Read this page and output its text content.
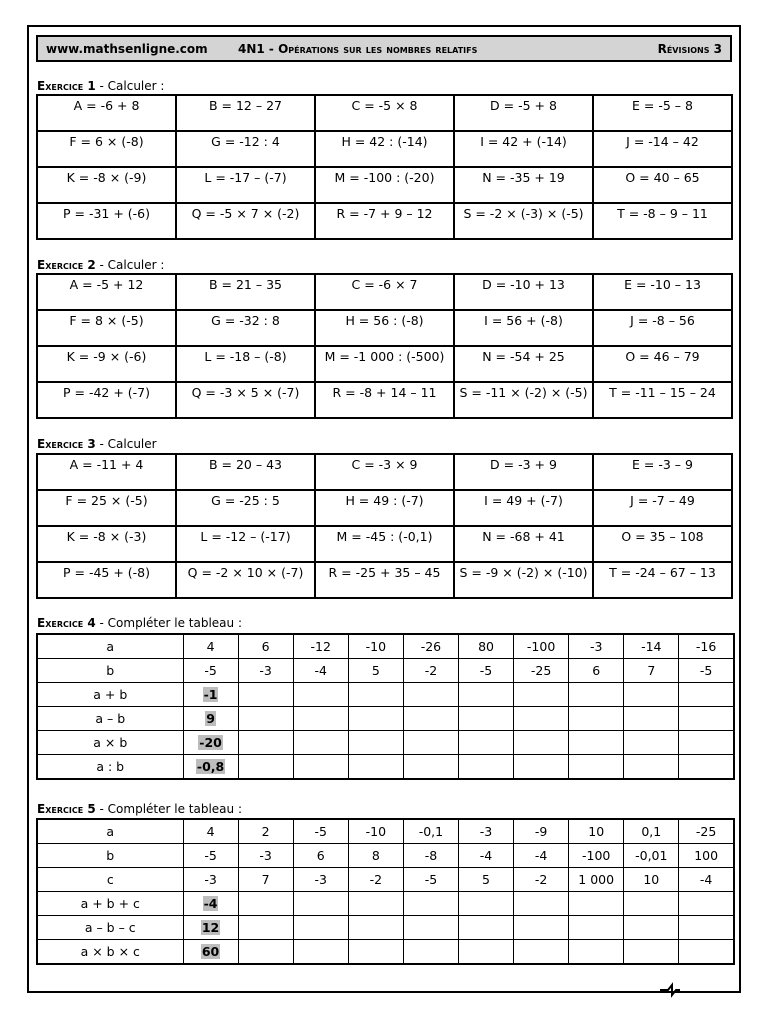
www.mathsenligne.com	4N1 - Opérations sur les nombres relatifs	Révisions 3
Exercice 1 - Calculer :
A = -6 + 8	B = 12 – 27	C = -5 × 8	D = -5 + 8	E = -5 – 8
F = 6 × (-8)	G = -12 : 4	H = 42 : (-14)	I = 42 + (-14)	J = -14 – 42
K = -8 × (-9)	L = -17 – (-7)	M = -100 : (-20)	N = -35 + 19	O = 40 – 65
P = -31 + (-6)	Q = -5 × 7 × (-2)	R = -7 + 9 – 12	S = -2 × (-3) × (-5)	T = -8 – 9 – 11
Exercice 2 - Calculer :
A = -5 + 12	B = 21 – 35	C = -6 × 7	D = -10 + 13	E = -10 – 13
F = 8 × (-5)	G = -32 : 8	H = 56 : (-8)	I = 56 + (-8)	J = -8 – 56
K = -9 × (-6)	L = -18 – (-8)	M = -1 000 : (-500)	N = -54 + 25	O = 46 – 79
P = -42 + (-7)	Q = -3 × 5 × (-7)	R = -8 + 14 – 11	S = -11 × (-2) × (-5)	T = -11 – 15 – 24
Exercice 3 - Calculer
A = -11 + 4	B = 20 – 43	C = -3 × 9	D = -3 + 9	E = -3 – 9
F = 25 × (-5)	G = -25 : 5	H = 49 : (-7)	I = 49 + (-7)	J = -7 – 49
K = -8 × (-3)	L = -12 – (-17)	M = -45 : (-0,1)	N = -68 + 41	O = 35 – 108
P = -45 + (-8)	Q = -2 × 10 × (-7)	R = -25 + 35 – 45	S = -9 × (-2) × (-10)	T = -24 – 67 – 13
Exercice 4 - Compléter le tableau :
a	4	6	-12	-10	-26	80	-100	-3	-14	-16
b	-5	-3	-4	5	-2	-5	-25	6	7	-5
a + b	-1									
a – b	9									
a × b	-20									
a : b	-0,8									
Exercice 5 - Compléter le tableau :
a	4	2	-5	-10	-0,1	-3	-9	10	0,1	-25
b	-5	-3	6	8	-8	-4	-4	-100	-0,01	100
c	-3	7	-3	-2	-5	5	-2	1 000	10	-4
a + b + c	-4									
a – b – c	12									
a × b × c	60									
